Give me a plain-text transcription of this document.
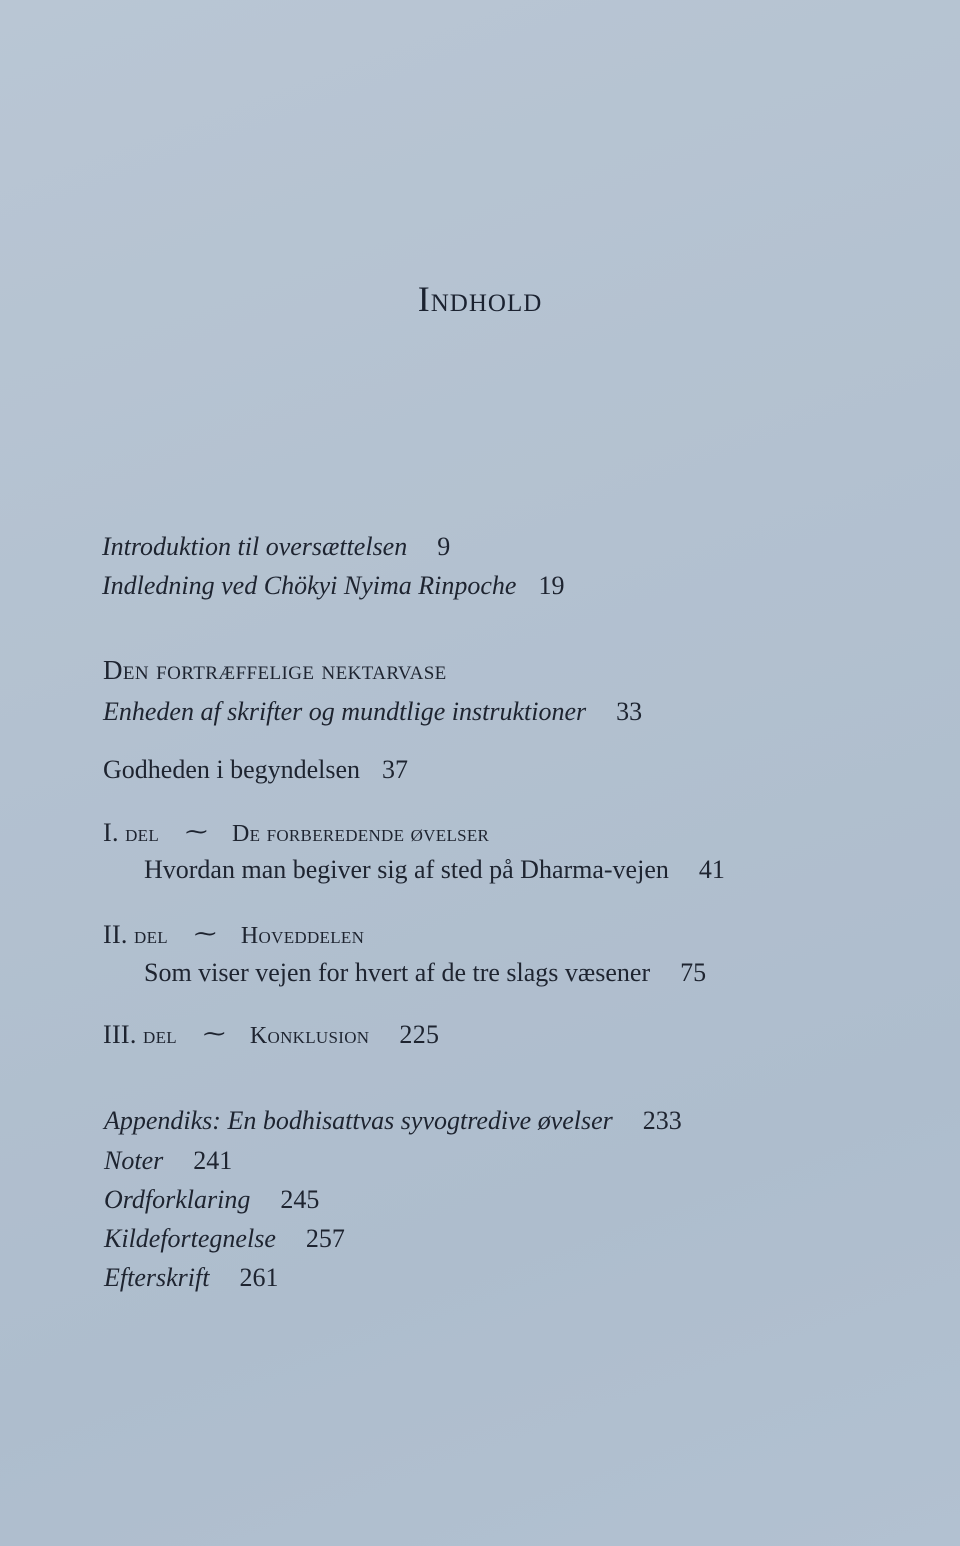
Indhold
Introduktion til oversættelsen 9
Indledning ved Chökyi Nyima Rinpoche 19
Den fortræffelige nektarvase
Enheden af skrifter og mundtlige instruktioner 33
Godheden i begyndelsen 37
I. del ⁓ De forberedende øvelser
Hvordan man begiver sig af sted på Dharma-vejen 41
II. del ⁓ Hoveddelen
Som viser vejen for hvert af de tre slags væsener 75
III. del ⁓ Konklusion 225
Appendiks: En bodhisattvas syvogtredive øvelser 233
Noter 241
Ordforklaring 245
Kildefortegnelse 257
Efterskrift 261
